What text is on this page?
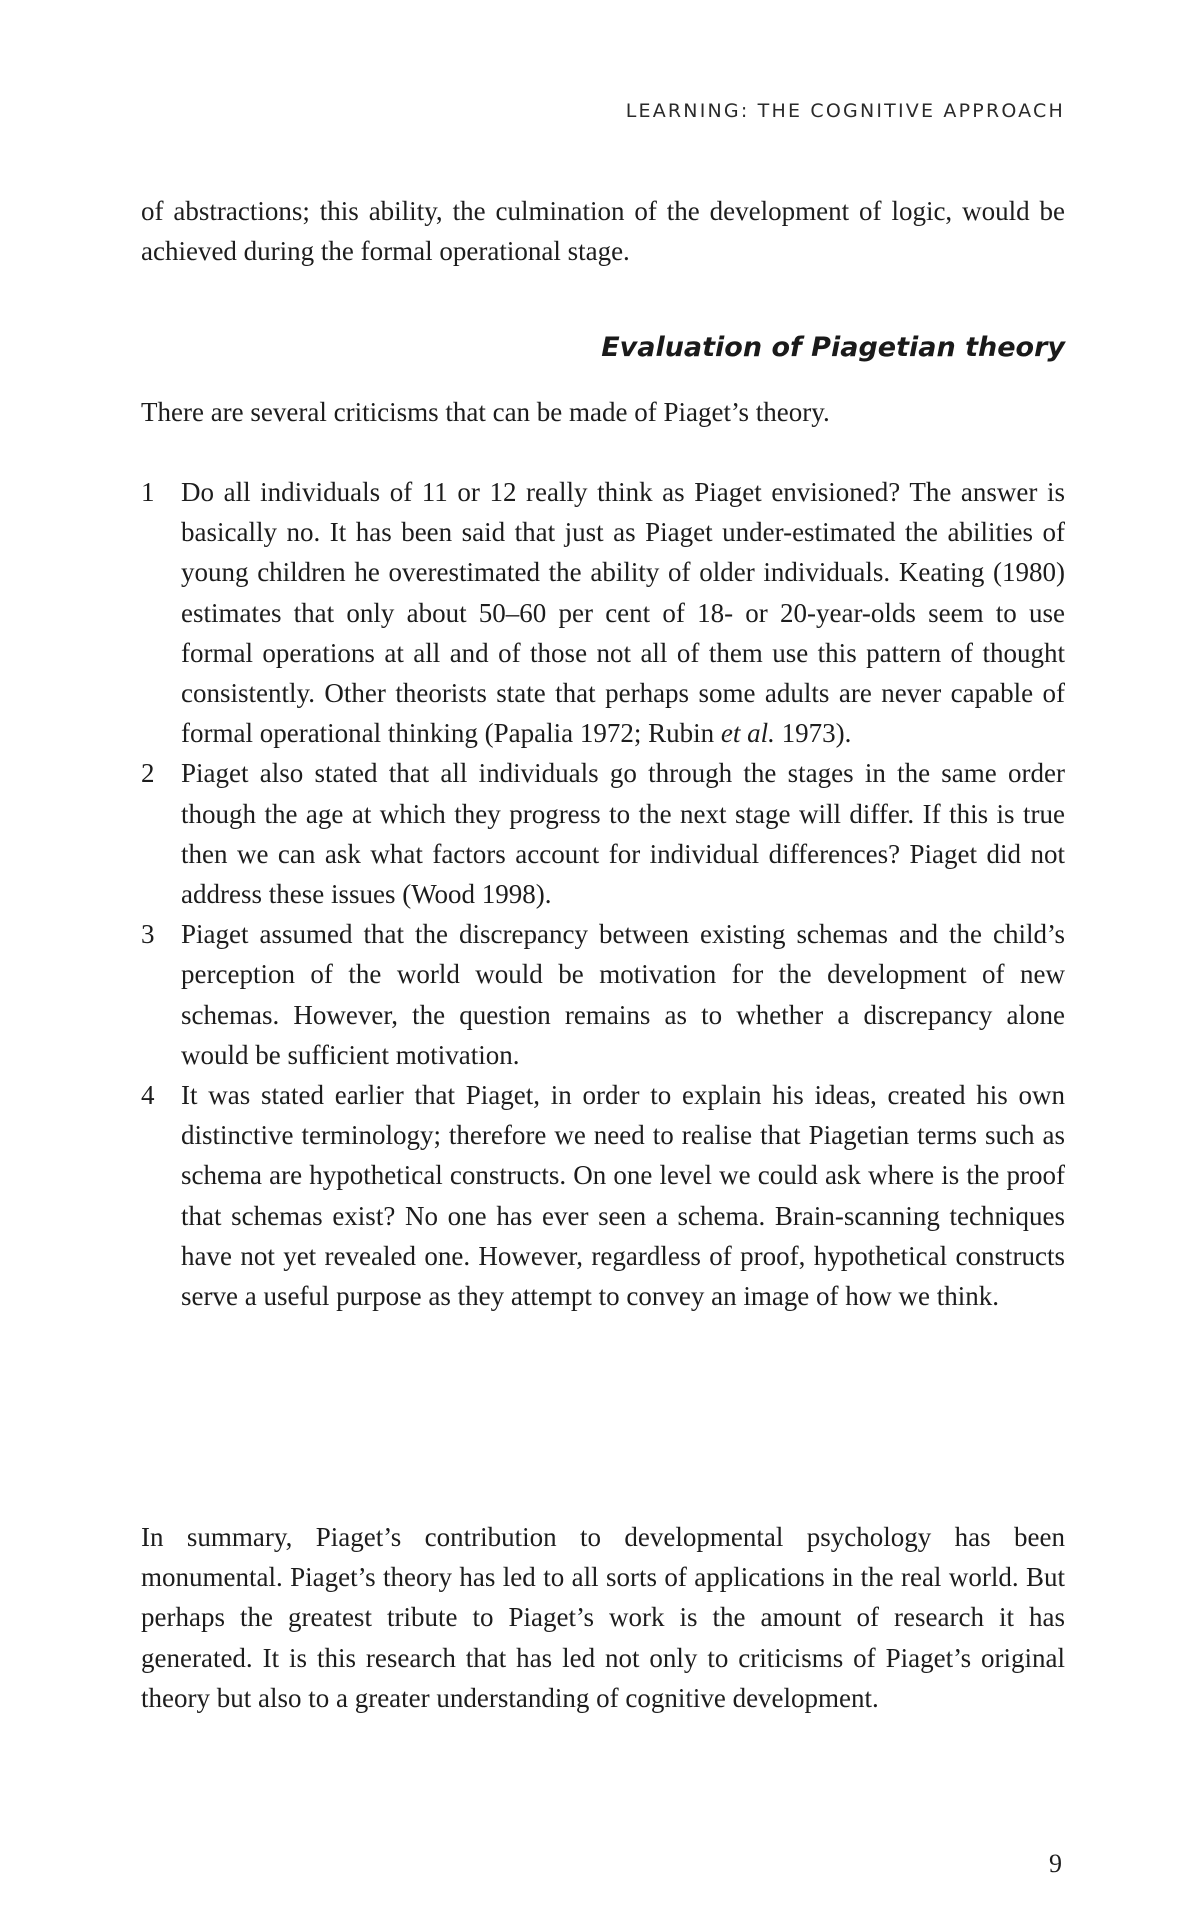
LEARNING: THE COGNITIVE APPROACH

of abstractions; this ability, the culmination of the development of logic, would be achieved during the formal operational stage.

Evaluation of Piagetian theory

There are several criticisms that can be made of Piaget’s theory.

1 Do all individuals of 11 or 12 really think as Piaget envisioned? The answer is basically no. It has been said that just as Piaget under-estimated the abilities of young children he overestimated the ability of older individuals. Keating (1980) estimates that only about 50–60 per cent of 18- or 20-year-olds seem to use formal operations at all and of those not all of them use this pattern of thought consistently. Other theorists state that perhaps some adults are never capable of formal operational thinking (Papalia 1972; Rubin et al. 1973).
2 Piaget also stated that all individuals go through the stages in the same order though the age at which they progress to the next stage will differ. If this is true then we can ask what factors account for individual differences? Piaget did not address these issues (Wood 1998).
3 Piaget assumed that the discrepancy between existing schemas and the child’s perception of the world would be motivation for the development of new schemas. However, the question remains as to whether a discrepancy alone would be sufficient motivation.
4 It was stated earlier that Piaget, in order to explain his ideas, created his own distinctive terminology; therefore we need to realise that Piagetian terms such as schema are hypothetical constructs. On one level we could ask where is the proof that schemas exist? No one has ever seen a schema. Brain-scanning techniques have not yet revealed one. However, regardless of proof, hypothetical constructs serve a useful purpose as they attempt to convey an image of how we think.

In summary, Piaget’s contribution to developmental psychology has been monumental. Piaget’s theory has led to all sorts of applications in the real world. But perhaps the greatest tribute to Piaget’s work is the amount of research it has generated. It is this research that has led not only to criticisms of Piaget’s original theory but also to a greater understanding of cognitive development.

9
